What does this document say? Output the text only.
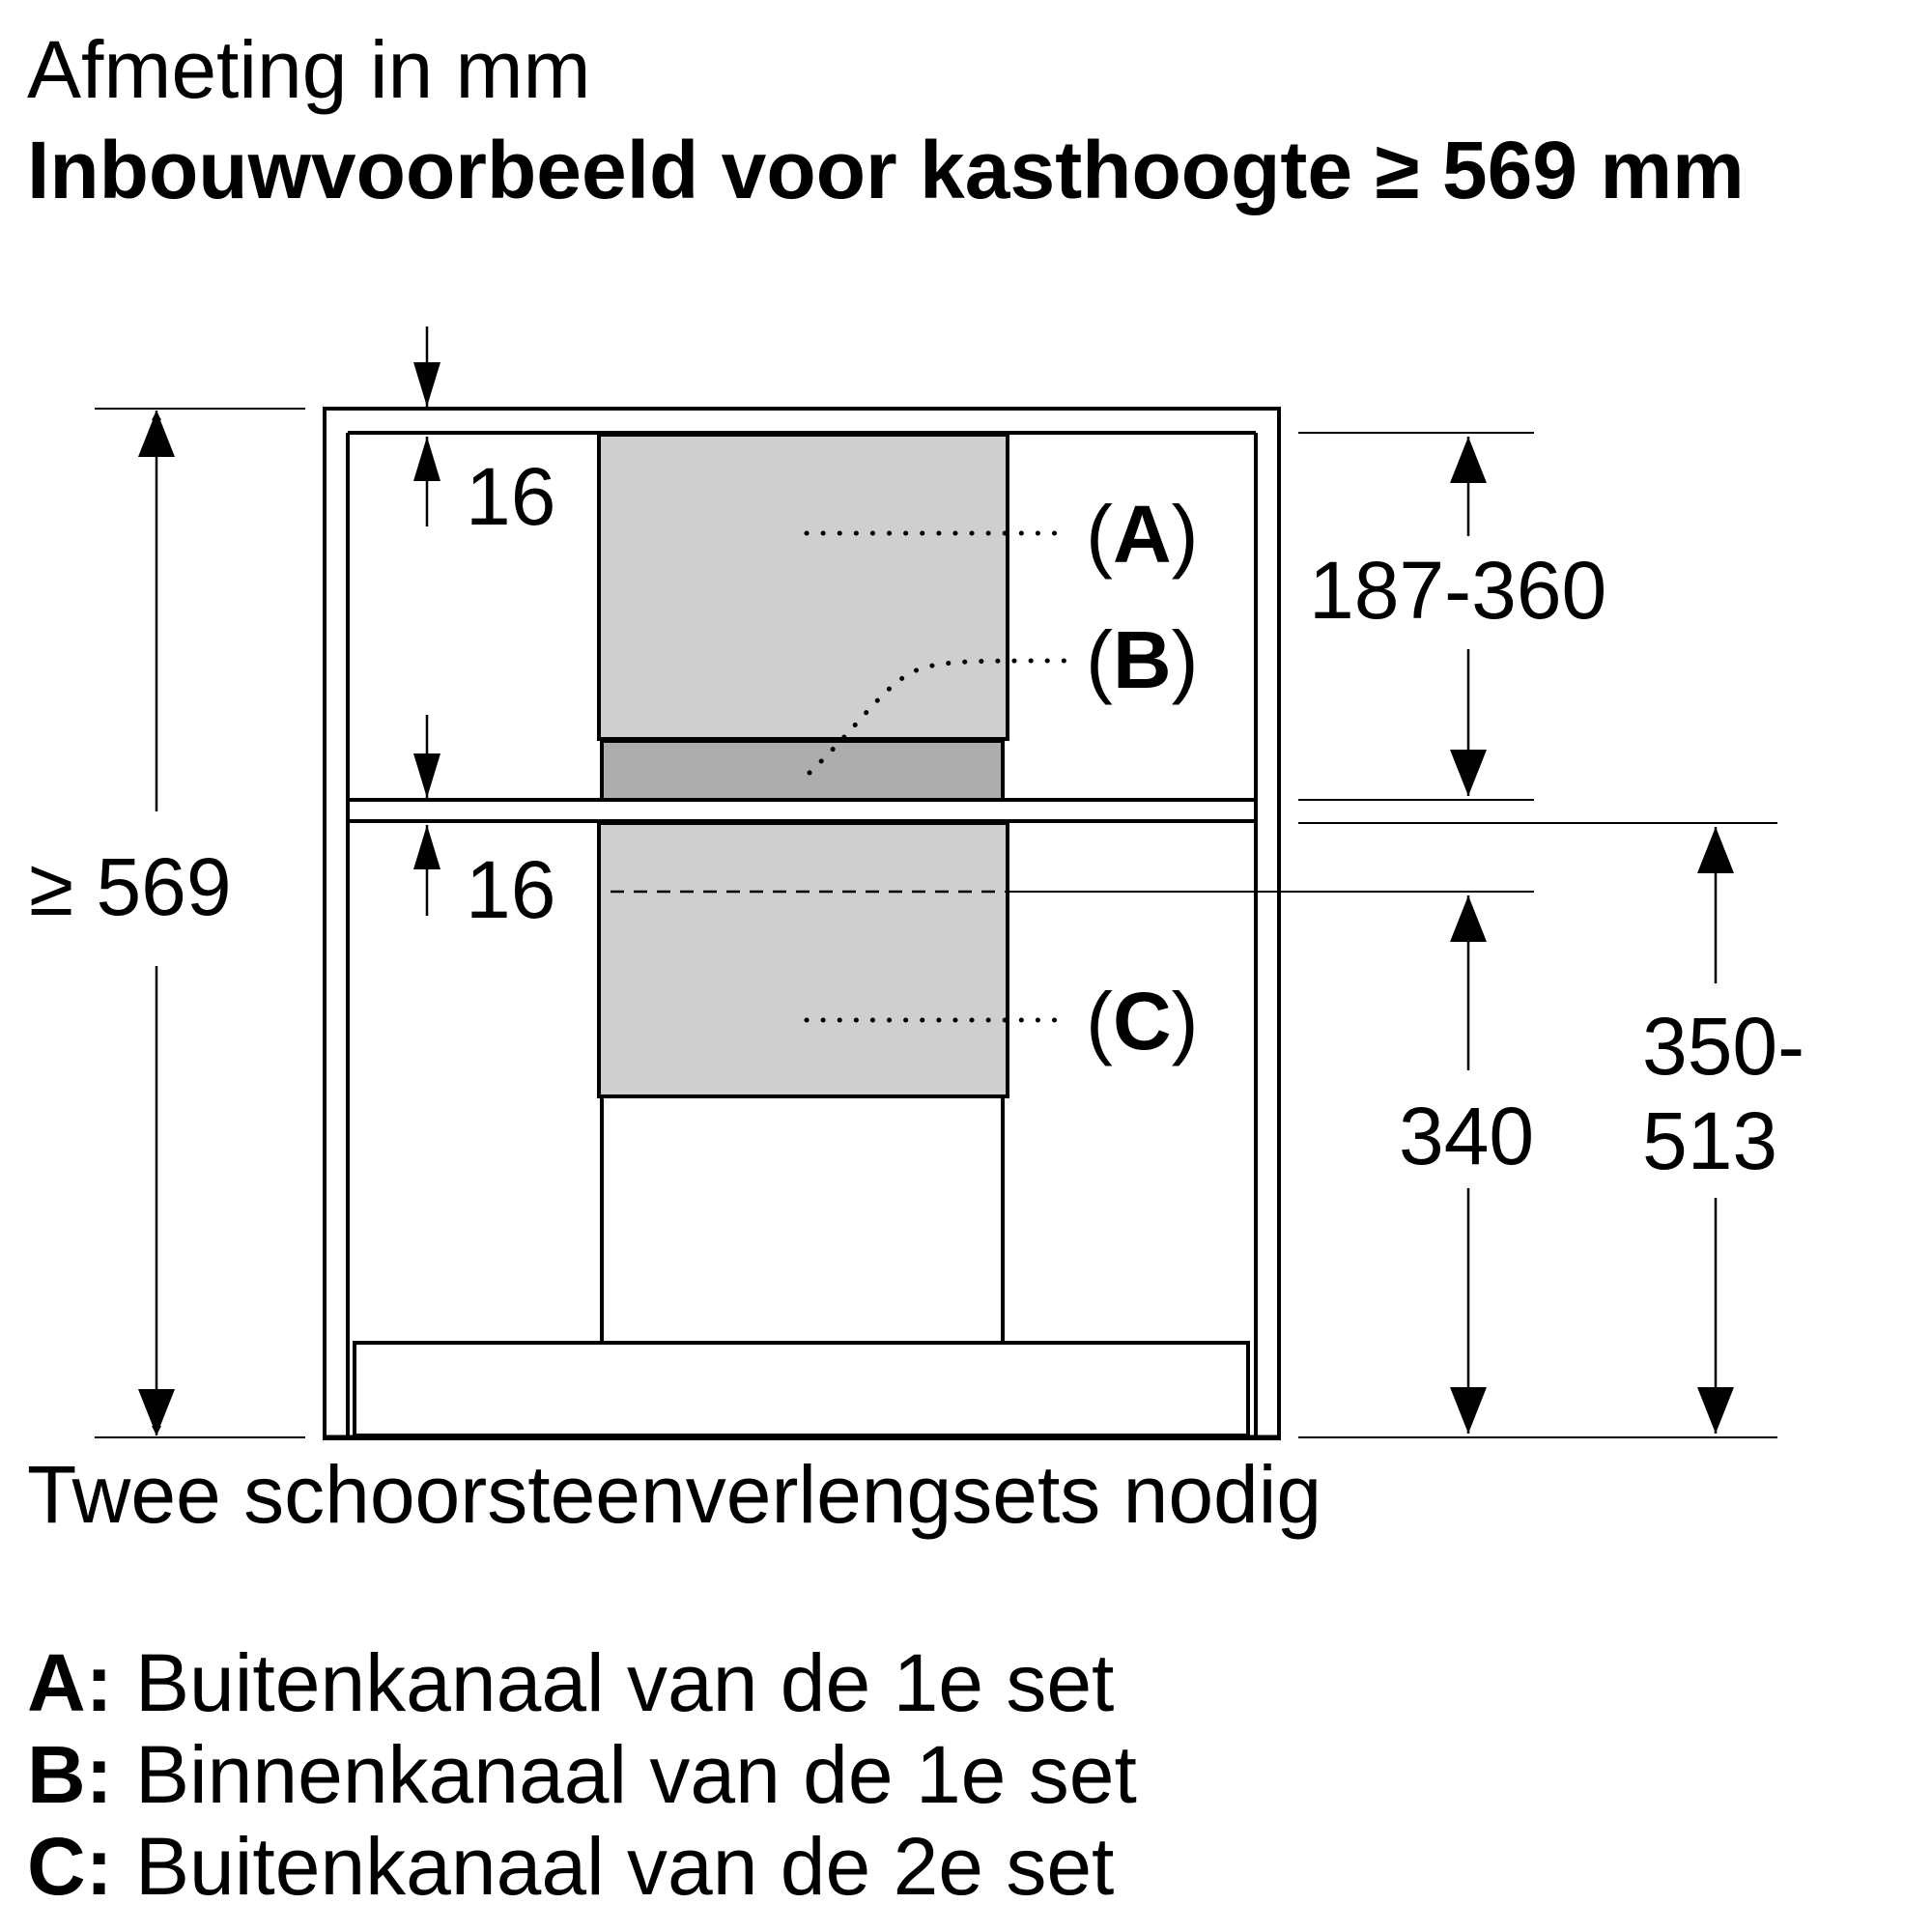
Afmeting in mm
Inbouwvoorbeeld voor kasthoogte ≥ 569 mm
≥ 569
16
16
187-360
340
350-
513
(A)
(B)
(C)
Twee schoorsteenverlengsets nodig
A: Buitenkanaal van de 1e set
B: Binnenkanaal van de 1e set
C: Buitenkanaal van de 2e set
